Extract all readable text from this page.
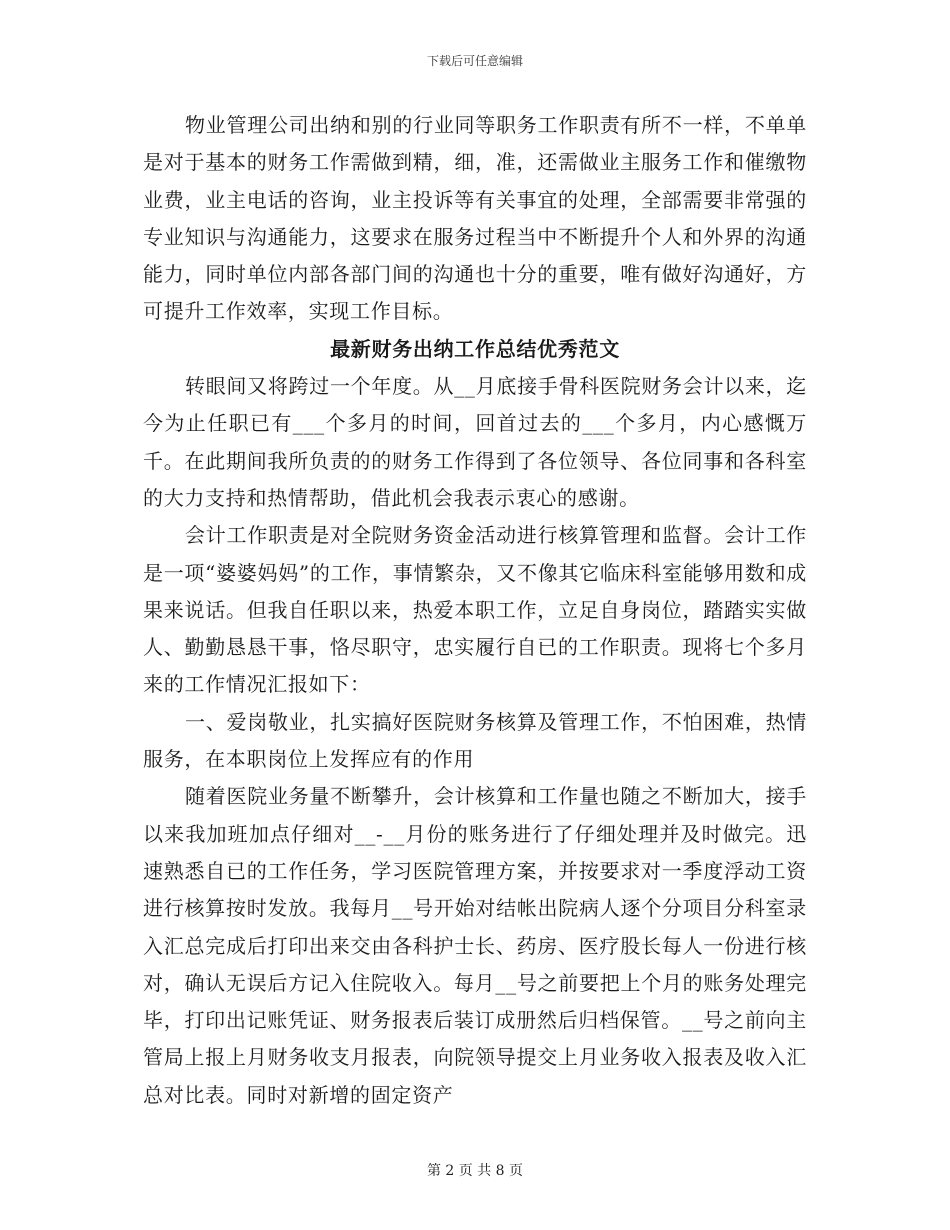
下载后可任意编辑

物业管理公司出纳和别的行业同等职务工作职责有所不一样，不单单是对于基本的财务工作需做到精，细，准，还需做业主服务工作和催缴物业费，业主电话的咨询，业主投诉等有关事宜的处理，全部需要非常强的专业知识与沟通能力，这要求在服务过程当中不断提升个人和外界的沟通能力，同时单位内部各部门间的沟通也十分的重要，唯有做好沟通好，方可提升工作效率，实现工作目标。

最新财务出纳工作总结优秀范文

转眼间又将跨过一个年度。从__月底接手骨科医院财务会计以来，迄今为止任职已有___个多月的时间，回首过去的___个多月，内心感慨万千。在此期间我所负责的的财务工作得到了各位领导、各位同事和各科室的大力支持和热情帮助，借此机会我表示衷心的感谢。

会计工作职责是对全院财务资金活动进行核算管理和监督。会计工作是一项“婆婆妈妈”的工作，事情繁杂，又不像其它临床科室能够用数和成果来说话。但我自任职以来，热爱本职工作，立足自身岗位，踏踏实实做人、勤勤恳恳干事，恪尽职守，忠实履行自已的工作职责。现将七个多月来的工作情况汇报如下：

一、爱岗敬业，扎实搞好医院财务核算及管理工作，不怕困难，热情服务，在本职岗位上发挥应有的作用

随着医院业务量不断攀升，会计核算和工作量也随之不断加大，接手以来我加班加点仔细对__-__月份的账务进行了仔细处理并及时做完。迅速熟悉自已的工作任务，学习医院管理方案，并按要求对一季度浮动工资进行核算按时发放。我每月__号开始对结帐出院病人逐个分项目分科室录入汇总完成后打印出来交由各科护士长、药房、医疗股长每人一份进行核对，确认无误后方记入住院收入。每月__号之前要把上个月的账务处理完毕，打印出记账凭证、财务报表后装订成册然后归档保管。__号之前向主管局上报上月财务收支月报表，向院领导提交上月业务收入报表及收入汇总对比表。同时对新增的固定资产

第 2 页 共 8 页
